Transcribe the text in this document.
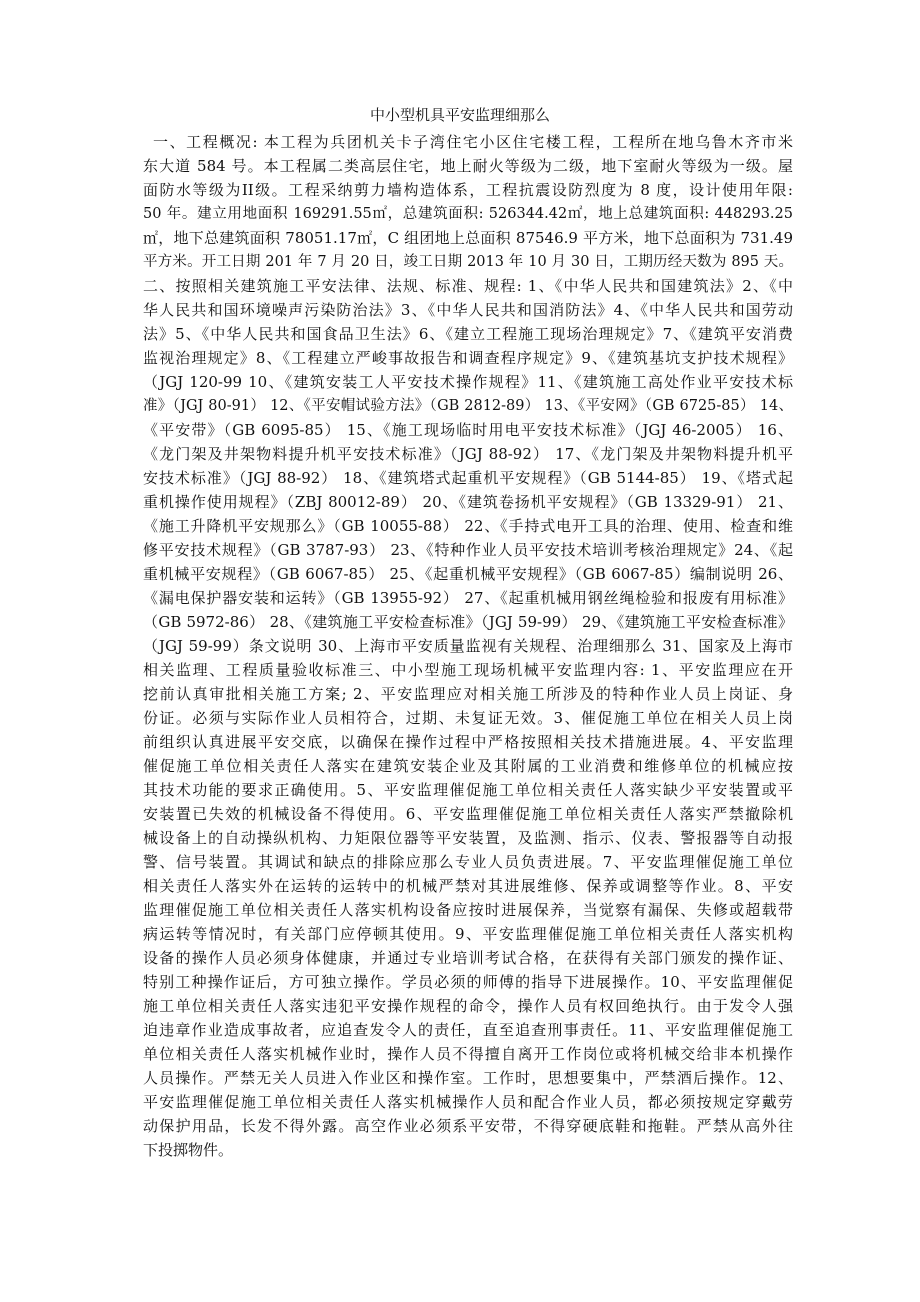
中小型机具平安监理细那么
一、工程概况: 本工程为兵团机关卡子湾住宅小区住宅楼工程，工程所在地乌鲁木齐市米
东大道 584 号。本工程属二类高层住宅，地上耐火等级为二级，地下室耐火等级为一级。屋
面防水等级为II级。工程采纳剪力墙构造体系，工程抗震设防烈度为 8 度，设计使用年限:
50 年。建立用地面积 169291.55㎡，总建筑面积: 526344.42㎡，地上总建筑面积: 448293.25
㎡，地下总建筑面积 78051.17㎡，C 组团地上总面积 87546.9 平方米，地下总面积为 731.49
平方米。开工日期 201 年 7 月 20 日，竣工日期 2013 年 10 月 30 日，工期历经天数为 895 天。
二、按照相关建筑施工平安法律、法规、标准、规程: 1、《中华人民共和国建筑法》2、《中
华人民共和国环境噪声污染防治法》3、《中华人民共和国消防法》4、《中华人民共和国劳动
法》5、《中华人民共和国食品卫生法》6、《建立工程施工现场治理规定》7、《建筑平安消费
监视治理规定》8、《工程建立严峻事故报告和调查程序规定》9、《建筑基坑支护技术规程》
（JGJ 120-99 10、《建筑安装工人平安技术操作规程》11、《建筑施工高处作业平安技术标
准》（JGJ 80-91） 12、《平安帽试验方法》（GB 2812-89） 13、《平安网》（GB 6725-85） 14、
《平安带》（GB 6095-85） 15、《施工现场临时用电平安技术标准》（JGJ 46-2005） 16、
《龙门架及井架物料提升机平安技术标准》（JGJ 88-92） 17、《龙门架及井架物料提升机平
安技术标准》（JGJ 88-92） 18、《建筑塔式起重机平安规程》（GB 5144-85） 19、《塔式起
重机操作使用规程》（ZBJ 80012-89） 20、《建筑卷扬机平安规程》（GB 13329-91） 21、
《施工升降机平安规那么》（GB 10055-88） 22、《手持式电开工具的治理、使用、检查和维
修平安技术规程》（GB 3787-93） 23、《特种作业人员平安技术培训考核治理规定》24、《起
重机械平安规程》（GB 6067-85） 25、《起重机械平安规程》（GB 6067-85）编制说明 26、
《漏电保护器安装和运转》（GB 13955-92） 27、《起重机械用钢丝绳检验和报废有用标准》
（GB 5972-86） 28、《建筑施工平安检查标准》（JGJ 59-99） 29、《建筑施工平安检查标准》
（JGJ 59-99）条文说明 30、上海市平安质量监视有关规程、治理细那么 31、国家及上海市
相关监理、工程质量验收标准三、中小型施工现场机械平安监理内容: 1、平安监理应在开
挖前认真审批相关施工方案; 2、平安监理应对相关施工所涉及的特种作业人员上岗证、身
份证。必须与实际作业人员相符合，过期、未复证无效。3、催促施工单位在相关人员上岗
前组织认真进展平安交底，以确保在操作过程中严格按照相关技术措施进展。4、平安监理
催促施工单位相关责任人落实在建筑安装企业及其附属的工业消费和维修单位的机械应按
其技术功能的要求正确使用。5、平安监理催促施工单位相关责任人落实缺少平安装置或平
安装置已失效的机械设备不得使用。6、平安监理催促施工单位相关责任人落实严禁撤除机
械设备上的自动操纵机构、力矩限位器等平安装置，及监测、指示、仪表、警报器等自动报
警、信号装置。其调试和缺点的排除应那么专业人员负责进展。7、平安监理催促施工单位
相关责任人落实外在运转的运转中的机械严禁对其进展维修、保养或调整等作业。8、平安
监理催促施工单位相关责任人落实机构设备应按时进展保养，当觉察有漏保、失修或超载带
病运转等情况时，有关部门应停顿其使用。9、平安监理催促施工单位相关责任人落实机构
设备的操作人员必须身体健康，并通过专业培训考试合格，在获得有关部门颁发的操作证、
特别工种操作证后，方可独立操作。学员必须的师傅的指导下进展操作。10、平安监理催促
施工单位相关责任人落实违犯平安操作规程的命令，操作人员有权回绝执行。由于发令人强
迫违章作业造成事故者，应追查发令人的责任，直至追查刑事责任。11、平安监理催促施工
单位相关责任人落实机械作业时，操作人员不得擅自离开工作岗位或将机械交给非本机操作
人员操作。严禁无关人员进入作业区和操作室。工作时，思想要集中，严禁酒后操作。12、
平安监理催促施工单位相关责任人落实机械操作人员和配合作业人员，都必须按规定穿戴劳
动保护用品，长发不得外露。高空作业必须系平安带，不得穿硬底鞋和拖鞋。严禁从高外往
下投掷物件。
